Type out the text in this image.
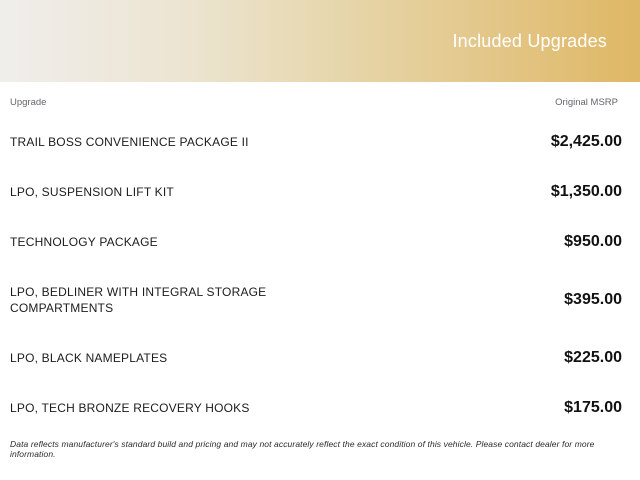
Included Upgrades
Upgrade	Original MSRP
TRAIL BOSS CONVENIENCE PACKAGE II	$2,425.00
LPO, SUSPENSION LIFT KIT	$1,350.00
TECHNOLOGY PACKAGE	$950.00
LPO, BEDLINER WITH INTEGRAL STORAGE COMPARTMENTS	$395.00
LPO, BLACK NAMEPLATES	$225.00
LPO, TECH BRONZE RECOVERY HOOKS	$175.00
Data reflects manufacturer's standard build and pricing and may not accurately reflect the exact condition of this vehicle. Please contact dealer for more information.
